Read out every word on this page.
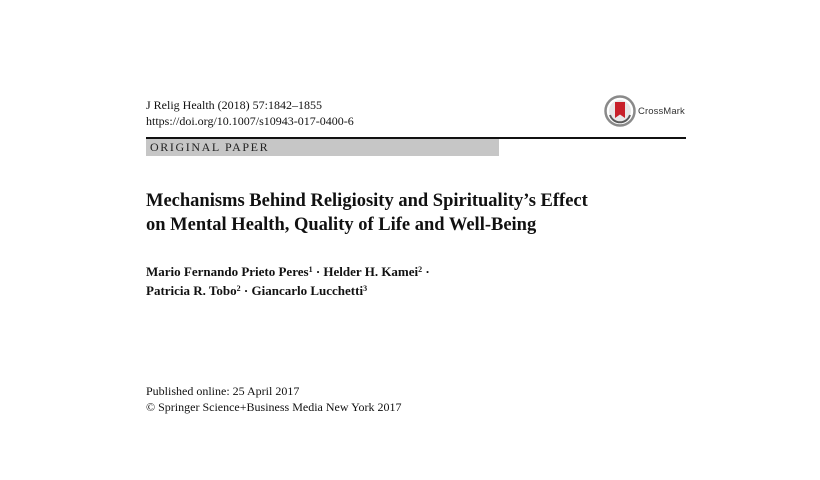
J Relig Health (2018) 57:1842–1855
https://doi.org/10.1007/s10943-017-0400-6
CrossMark
ORIGINAL PAPER
Mechanisms Behind Religiosity and Spirituality’s Effect
on Mental Health, Quality of Life and Well-Being
Mario Fernando Prieto Peres$^1$ · Helder H. Kamei$^2$ ·
Patricia R. Tobo$^2$ · Giancarlo Lucchetti$^3$
Published online: 25 April 2017
© Springer Science+Business Media New York 2017
